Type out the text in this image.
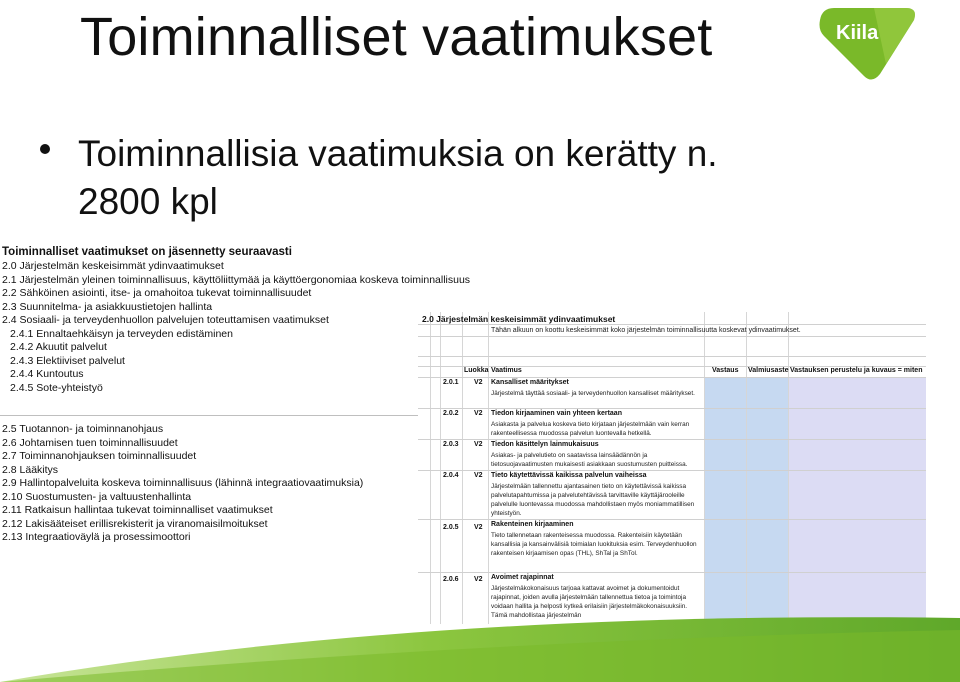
Toiminnalliset vaatimukset	Kiila
Toiminnallisia vaatimuksia on kerätty n. 2800 kpl
Toiminnalliset vaatimukset on jäsennetty seuraavasti
2.0 Järjestelmän keskeisimmät ydinvaatimukset
2.1 Järjestelmän yleinen toiminnallisuus, käyttöliittymää ja käyttöergonomiaa koskeva toiminnallisuus
2.2 Sähköinen asiointi, itse- ja omahoitoa tukevat toiminnallisuudet
2.3 Suunnitelma- ja asiakkuustietojen hallinta
2.4 Sosiaali- ja terveydenhuollon palvelujen toteuttamisen vaatimukset
2.4.1 Ennaltaehkäisyn ja terveyden edistäminen
2.4.2 Akuutit palvelut
2.4.3 Elektiiviset palvelut
2.4.4 Kuntoutus
2.4.5 Sote-yhteistyö
2.5 Tuotannon- ja toiminnanohjaus
2.6 Johtamisen tuen toiminnallisuudet
2.7 Toiminnanohjauksen toiminnallisuudet
2.8 Lääkitys
2.9 Hallintopalveluita koskeva toiminnallisuus (lähinnä integraatiovaatimuksia)
2.10 Suostumusten- ja valtuustenhallinta
2.11 Ratkaisun hallintaa tukevat toiminnalliset vaatimukset
2.12 Lakisääteiset erillisrekisterit ja viranomaisilmoitukset
2.13 Integraatioväylä ja prosessimoottori
2.0 Järjestelmän keskeisimmät ydinvaatimukset
Tähän alkuun on koottu keskeisimmät koko järjestelmän toiminnallisuutta koskevat ydinvaatimukset.
Luokka Vaatimus	Vastaus Valmiusaste Vastauksen perustelu ja kuvaus = miten
2.0.1 V2 Kansalliset määritykset
Järjestelmä täyttää sosiaali- ja terveydenhuollon kansalliset määritykset.
2.0.2 V2 Tiedon kirjaaminen vain yhteen kertaan
Asiakasta ja palvelua koskeva tieto kirjataan järjestelmään vain kerran rakenteellisessa muodossa palvelun luontevalla hetkellä.
2.0.3 V2 Tiedon käsittelyn lainmukaisuus
Asiakas- ja palvelutieto on saatavissa lainsäädännön ja tietosuojavaatimusten mukaisesti asiakkaan suostumusten puitteissa.
2.0.4 V2 Tieto käytettävissä kaikissa palvelun vaiheissa
Järjestelmään tallennettu ajantasainen tieto on käytettävissä kaikissa palvelutapahtumissa ja palvelutehtävissä tarvittaville käyttäjärooleille palvelulle luontevassa muodossa mahdollistaen myös moniammatillisen yhteistyön.
2.0.5 V2 Rakenteinen kirjaaminen
Tieto tallennetaan rakenteisessa muodossa. Rakenteisiin käytetään kansallisia ja kansainvälisiä toimialan luokituksia esim. Terveydenhuollon rakenteisen kirjaamisen opas (THL), ShTal ja ShTol.
2.0.6 V2 Avoimet rajapinnat
Järjestelmäkokonaisuus tarjoaa kattavat avoimet ja dokumentoidut rajapinnat, joiden avulla järjestelmään tallennettua tietoa ja toimintoja voidaan hallita ja helposti kytkeä erilaisiin järjestelmäkokonaisuuksiin. Tämä mahdollistaa järjestelmän
